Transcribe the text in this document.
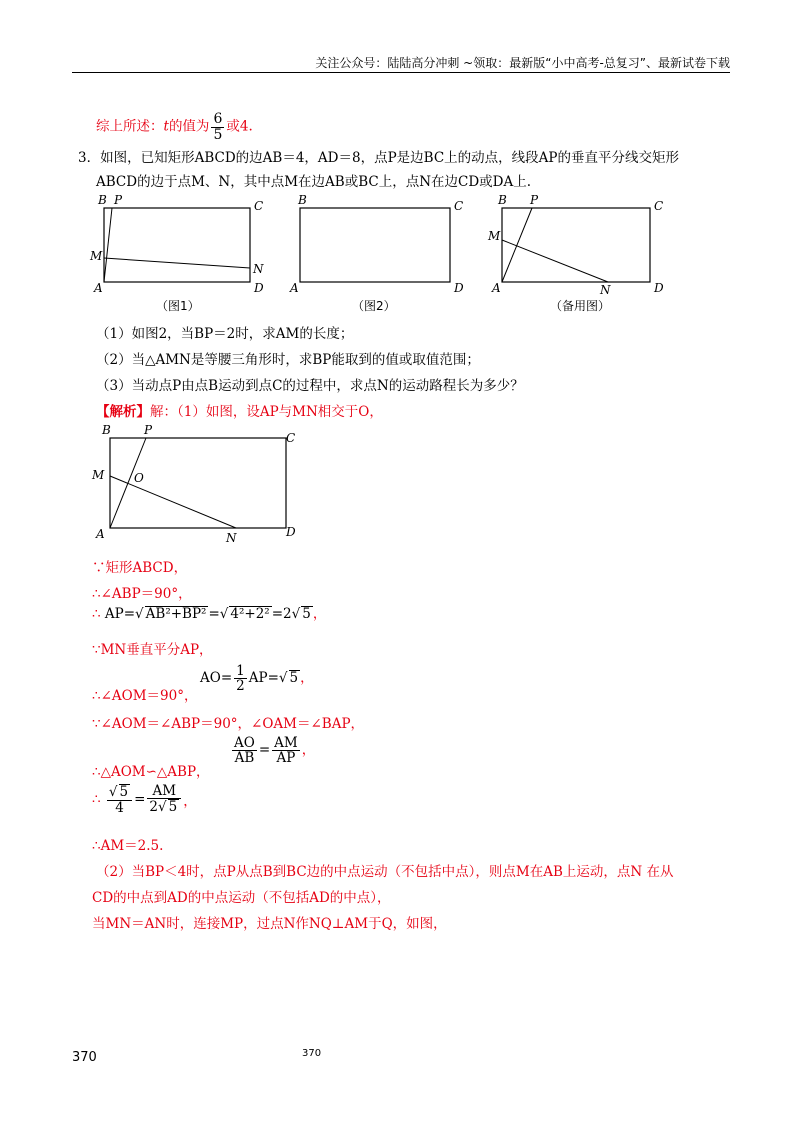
关注公众号：陆陆高分冲刺 ~领取：最新版“小中高考-总复习”、最新试卷下载
综上所述：t的值为 $\frac{6}{5}$ 或4.
3．如图，已知矩形ABCD的边AB＝4，AD＝8，点P是边BC上的动点，线段AP的垂直平分线交矩形
ABCD的边于点M、N，其中点M在边AB或BC上，点N在边CD或DA上.
A
B P	C
D
M
N
（图1）
A
B	C
D
（图2）
A
B P	C
D
M
N
（备用图）
（1）如图2，当BP＝2时，求AM的长度；
（2）当△AMN是等腰三角形时，求BP能取到的值或取值范围；
（3）当动点P由点B运动到点C的过程中，求点N的运动路程长为多少？
【解析】解：（1）如图，设AP与MN相交于O，
A
B	P
C
D
M O
N
∵矩形ABCD，
∴∠ABP＝90°，
∴ AP=√ AB²+BP² =√ 4²+2² =2√ 5 ，
∵MN垂直平分AP，
∴∠AOM＝90°，
$AO= \frac{1}{2} AP=√$ 5 ，
∵∠AOM＝∠ABP＝90°，∠OAM＝∠BAP，
∴△AOM∽△ABP，
$\frac{AO}{AB} = \frac{AM}{AP}$ ，
∴ $\frac{√ 5}{4} = \frac{AM}{2√ 5}$ ，
∴AM＝2.5.
（2）当BP＜4时，点P从点B到BC边的中点运动（不包括中点），则点M在AB上运动，点N 在从
CD的中点到AD的中点运动（不包括AD的中点），
当MN＝AN时，连接MP，过点N作NQ⊥AM于Q，如图，
370	370
